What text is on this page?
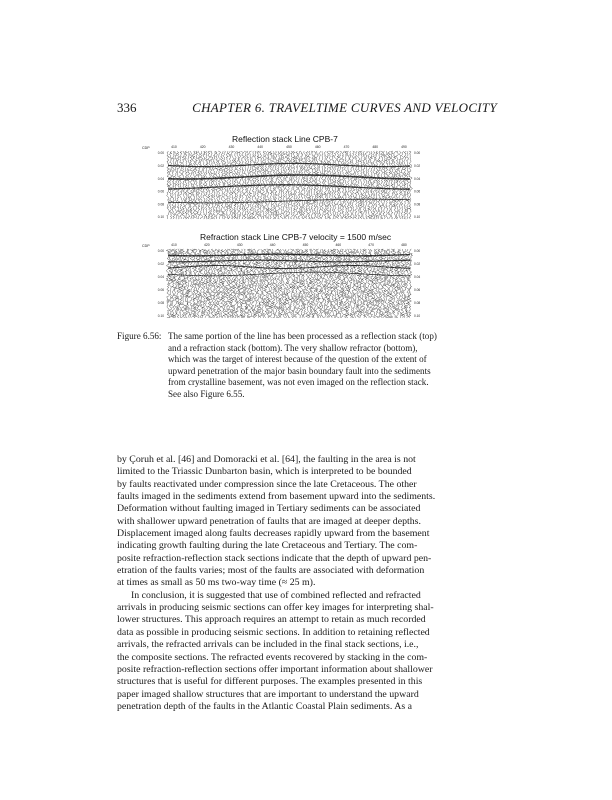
336	CHAPTER 6. TRAVELTIME CURVES AND VELOCITY
Reflection stack Line CPB-7
CDP	410	420	430	440	450	460	470	480	490
0.00	0.00
0.02	0.02
0.04	0.04
0.06	0.06
0.08	0.08
0.10	0.10
Refraction stack Line CPB-7 velocity = 1500 m/sec
CDP	410	420	430	440	450	460	470	480
0.00	0.00
0.02	0.02
0.04	0.04
0.06	0.06
0.08	0.08
0.10	0.10
Figure 6.56: The same portion of the line has been processed as a reflection stack (top)
and a refraction stack (bottom). The very shallow refractor (bottom),
which was the target of interest because of the question of the extent of
upward penetration of the major basin boundary fault into the sediments
from crystalline basement, was not even imaged on the reflection stack.
See also Figure 6.55.
by Çoruh et al. [46] and Domoracki et al. [64], the faulting in the area is not
limited to the Triassic Dunbarton basin, which is interpreted to be bounded
by faults reactivated under compression since the late Cretaceous. The other
faults imaged in the sediments extend from basement upward into the sediments.
Deformation without faulting imaged in Tertiary sediments can be associated
with shallower upward penetration of faults that are imaged at deeper depths.
Displacement imaged along faults decreases rapidly upward from the basement
indicating growth faulting during the late Cretaceous and Tertiary. The com-
posite refraction-reflection stack sections indicate that the depth of upward pen-
etration of the faults varies; most of the faults are associated with deformation
at times as small as 50 ms two-way time (≈ 25 m).
In conclusion, it is suggested that use of combined reflected and refracted
arrivals in producing seismic sections can offer key images for interpreting shal-
lower structures. This approach requires an attempt to retain as much recorded
data as possible in producing seismic sections. In addition to retaining reflected
arrivals, the refracted arrivals can be included in the final stack sections, i.e.,
the composite sections. The refracted events recovered by stacking in the com-
posite refraction-reflection sections offer important information about shallower
structures that is useful for different purposes. The examples presented in this
paper imaged shallow structures that are important to understand the upward
penetration depth of the faults in the Atlantic Coastal Plain sediments. As a
